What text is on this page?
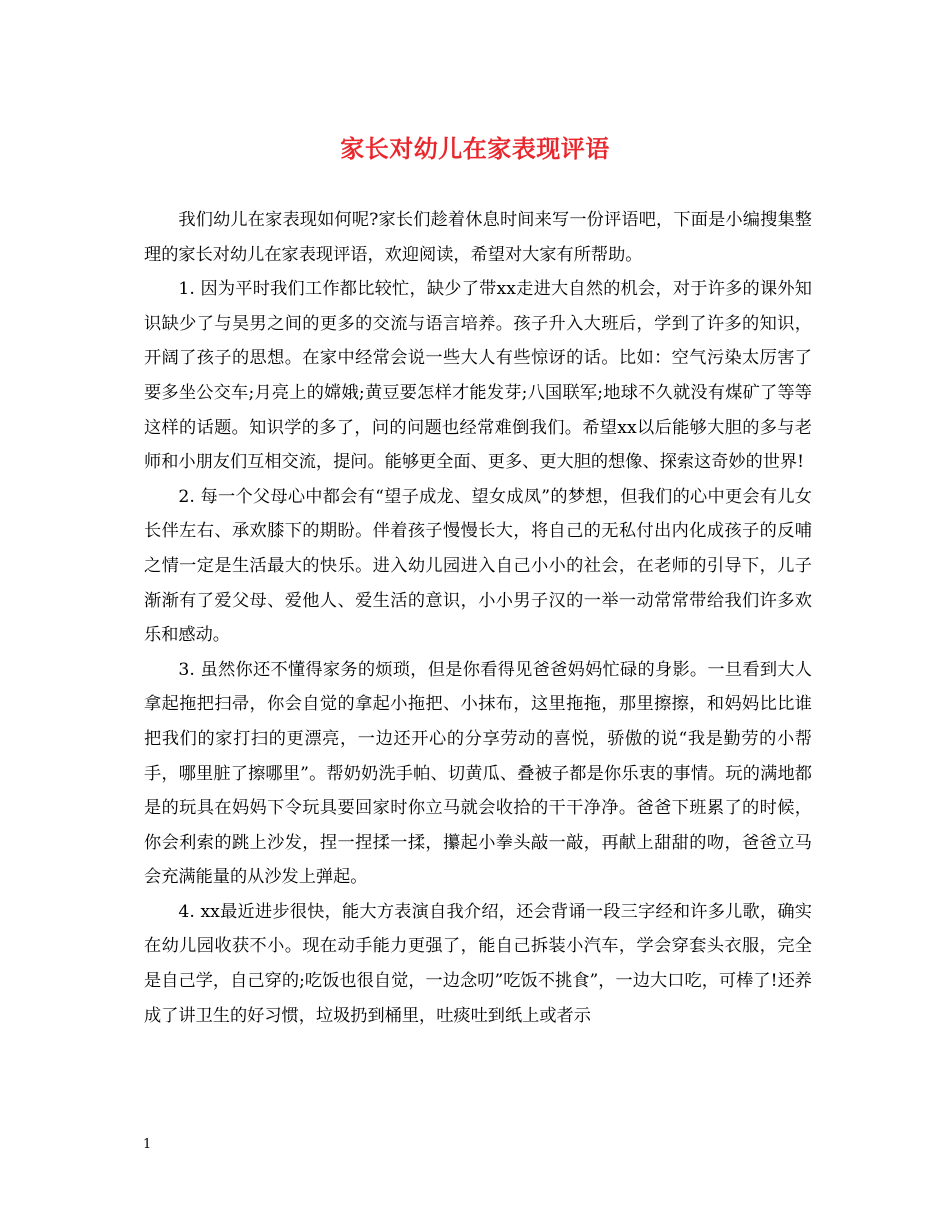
家长对幼儿在家表现评语

我们幼儿在家表现如何呢?家长们趁着休息时间来写一份评语吧，下面是小编搜集整理的家长对幼儿在家表现评语，欢迎阅读，希望对大家有所帮助。

1. 因为平时我们工作都比较忙，缺少了带xx走进大自然的机会，对于许多的课外知识缺少了与昊男之间的更多的交流与语言培养。孩子升入大班后，学到了许多的知识，开阔了孩子的思想。在家中经常会说一些大人有些惊讶的话。比如：空气污染太厉害了要多坐公交车;月亮上的嫦娥;黄豆要怎样才能发芽;八国联军;地球不久就没有煤矿了等等这样的话题。知识学的多了，问的问题也经常难倒我们。希望xx以后能够大胆的多与老师和小朋友们互相交流，提问。能够更全面、更多、更大胆的想像、探索这奇妙的世界!

2. 每一个父母心中都会有“望子成龙、望女成凤”的梦想，但我们的心中更会有儿女长伴左右、承欢膝下的期盼。伴着孩子慢慢长大，将自己的无私付出内化成孩子的反哺之情一定是生活最大的快乐。进入幼儿园进入自己小小的社会，在老师的引导下，儿子渐渐有了爱父母、爱他人、爱生活的意识，小小男子汉的一举一动常常带给我们许多欢乐和感动。

3. 虽然你还不懂得家务的烦琐，但是你看得见爸爸妈妈忙碌的身影。一旦看到大人拿起拖把扫帚，你会自觉的拿起小拖把、小抹布，这里拖拖，那里擦擦，和妈妈比比谁把我们的家打扫的更漂亮，一边还开心的分享劳动的喜悦，骄傲的说“我是勤劳的小帮手，哪里脏了擦哪里”。帮奶奶洗手帕、切黄瓜、叠被子都是你乐衷的事情。玩的满地都是的玩具在妈妈下令玩具要回家时你立马就会收拾的干干净净。爸爸下班累了的时候，你会利索的跳上沙发，捏一捏揉一揉，攥起小拳头敲一敲，再献上甜甜的吻，爸爸立马会充满能量的从沙发上弹起。

4. xx最近进步很快，能大方表演自我介绍，还会背诵一段三字经和许多儿歌，确实在幼儿园收获不小。现在动手能力更强了，能自己拆装小汽车，学会穿套头衣服，完全是自己学，自己穿的;吃饭也很自觉，一边念叨”吃饭不挑食”，一边大口吃，可棒了!还养成了讲卫生的好习惯，垃圾扔到桶里，吐痰吐到纸上或者示

1
